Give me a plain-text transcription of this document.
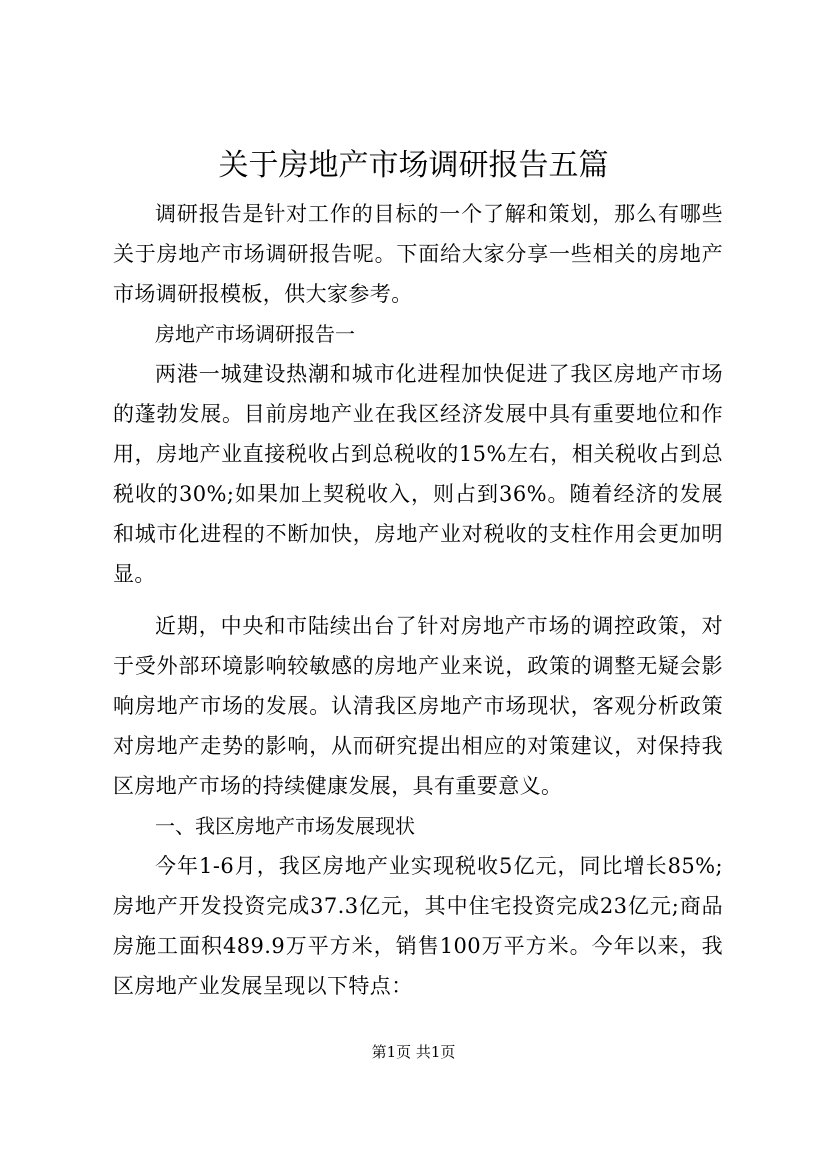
关于房地产市场调研报告五篇

调研报告是针对工作的目标的一个了解和策划，那么有哪些关于房地产市场调研报告呢。下面给大家分享一些相关的房地产市场调研报模板，供大家参考。

房地产市场调研报告一

两港一城建设热潮和城市化进程加快促进了我区房地产市场的蓬勃发展。目前房地产业在我区经济发展中具有重要地位和作用，房地产业直接税收占到总税收的15%左右，相关税收占到总税收的30%;如果加上契税收入，则占到36%。随着经济的发展和城市化进程的不断加快，房地产业对税收的支柱作用会更加明显。

近期，中央和市陆续出台了针对房地产市场的调控政策，对于受外部环境影响较敏感的房地产业来说，政策的调整无疑会影响房地产市场的发展。认清我区房地产市场现状，客观分析政策对房地产走势的影响，从而研究提出相应的对策建议，对保持我区房地产市场的持续健康发展，具有重要意义。

一、我区房地产市场发展现状

今年1-6月，我区房地产业实现税收5亿元，同比增长85%;房地产开发投资完成37.3亿元，其中住宅投资完成23亿元;商品房施工面积489.9万平方米，销售100万平方米。今年以来，我区房地产业发展呈现以下特点：

第1页 共1页
